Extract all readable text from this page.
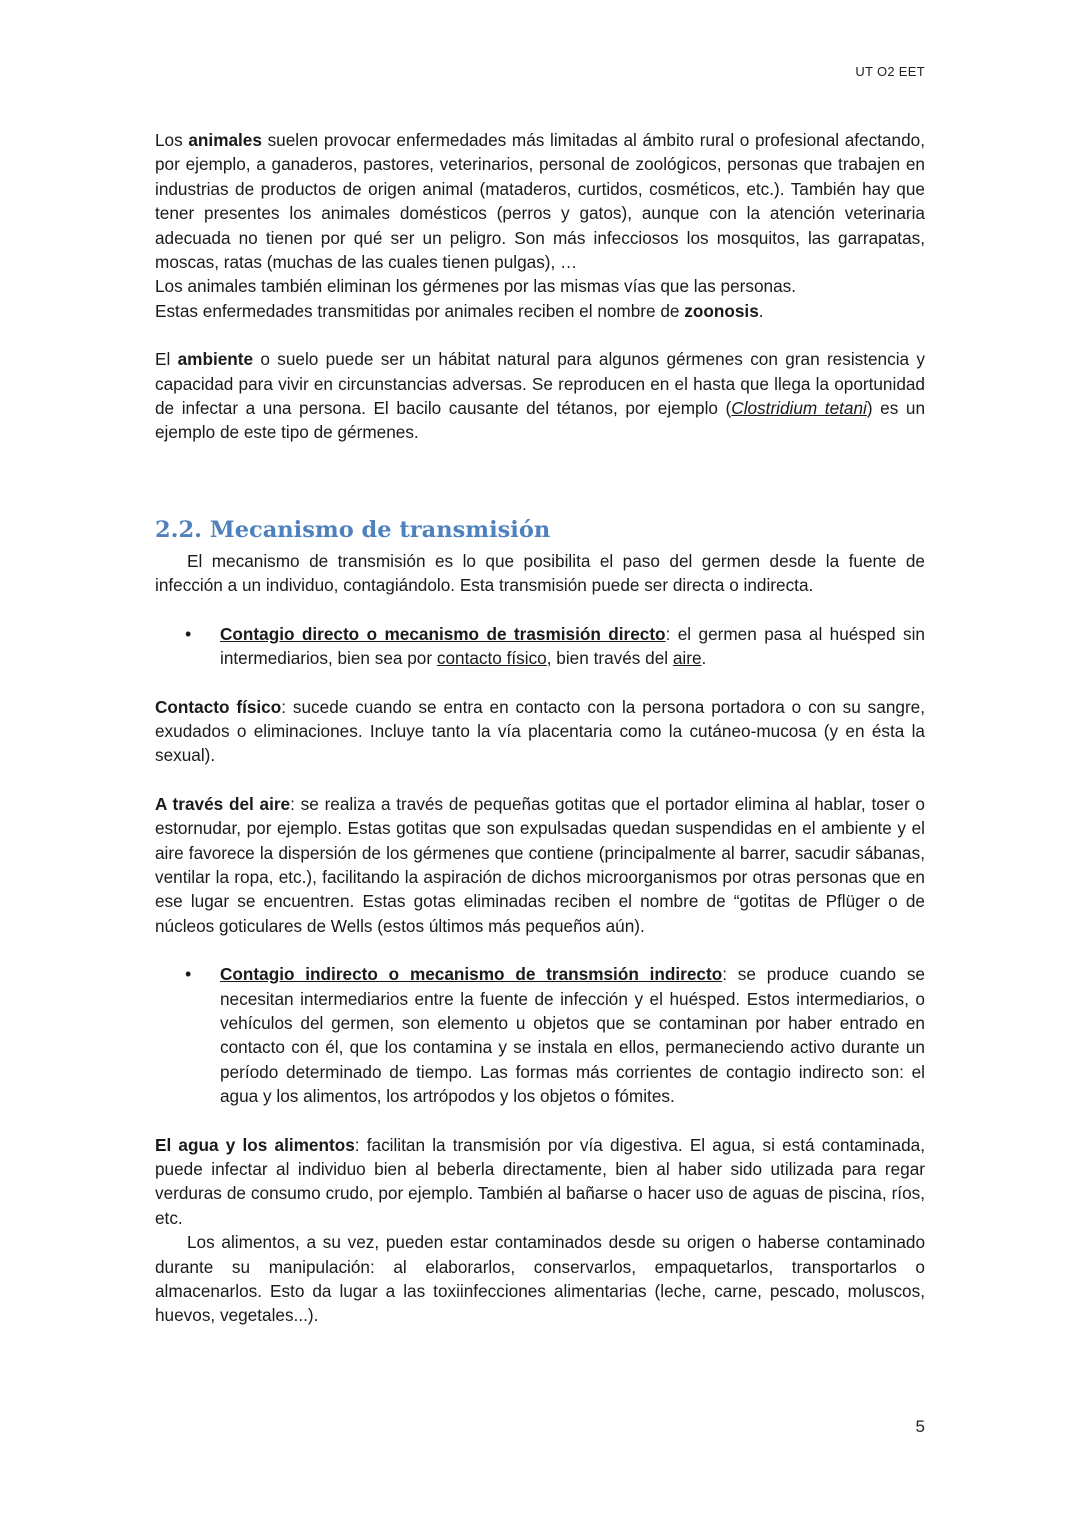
UT O2 EET

Los animales suelen provocar enfermedades más limitadas al ámbito rural o profesional afectando, por ejemplo, a ganaderos, pastores, veterinarios, personal de zoológicos, personas que trabajen en industrias de productos de origen animal (mataderos, curtidos, cosméticos, etc.). También hay que tener presentes los animales domésticos (perros y gatos), aunque con la atención veterinaria adecuada no tienen por qué ser un peligro. Son más infecciosos los mosquitos, las garrapatas, moscas, ratas (muchas de las cuales tienen pulgas), …

Los animales también eliminan los gérmenes por las mismas vías que las personas.

Estas enfermedades transmitidas por animales reciben el nombre de zoonosis.

El ambiente o suelo puede ser un hábitat natural para algunos gérmenes con gran resistencia y capacidad para vivir en circunstancias adversas. Se reproducen en el hasta que llega la oportunidad de infectar a una persona. El bacilo causante del tétanos, por ejemplo (Clostridium tetani) es un ejemplo de este tipo de gérmenes.

2.2. Mecanismo de transmisión

El mecanismo de transmisión es lo que posibilita el paso del germen desde la fuente de infección a un individuo, contagiándolo. Esta transmisión puede ser directa o indirecta.

• Contagio directo o mecanismo de trasmisión directo: el germen pasa al huésped sin intermediarios, bien sea por contacto físico, bien través del aire.

Contacto físico: sucede cuando se entra en contacto con la persona portadora o con su sangre, exudados o eliminaciones. Incluye tanto la vía placentaria como la cutáneo-mucosa (y en ésta la sexual).

A través del aire: se realiza a través de pequeñas gotitas que el portador elimina al hablar, toser o estornudar, por ejemplo. Estas gotitas que son expulsadas quedan suspendidas en el ambiente y el aire favorece la dispersión de los gérmenes que contiene (principalmente al barrer, sacudir sábanas, ventilar la ropa, etc.), facilitando la aspiración de dichos microorganismos por otras personas que en ese lugar se encuentren. Estas gotas eliminadas reciben el nombre de “gotitas de Pflüger o de núcleos goticulares de Wells (estos últimos más pequeños aún).

• Contagio indirecto o mecanismo de transmsión indirecto: se produce cuando se necesitan intermediarios entre la fuente de infección y el huésped. Estos intermediarios, o vehículos del germen, son elemento u objetos que se contaminan por haber entrado en contacto con él, que los contamina y se instala en ellos, permaneciendo activo durante un período determinado de tiempo. Las formas más corrientes de contagio indirecto son: el agua y los alimentos, los artrópodos y los objetos o fómites.

El agua y los alimentos: facilitan la transmisión por vía digestiva. El agua, si está contaminada, puede infectar al individuo bien al beberla directamente, bien al haber sido utilizada para regar verduras de consumo crudo, por ejemplo. También al bañarse o hacer uso de aguas de piscina, ríos, etc.

Los alimentos, a su vez, pueden estar contaminados desde su origen o haberse contaminado durante su manipulación: al elaborarlos, conservarlos, empaquetarlos, transportarlos o almacenarlos. Esto da lugar a las toxiinfecciones alimentarias (leche, carne, pescado, moluscos, huevos, vegetales...).

5
